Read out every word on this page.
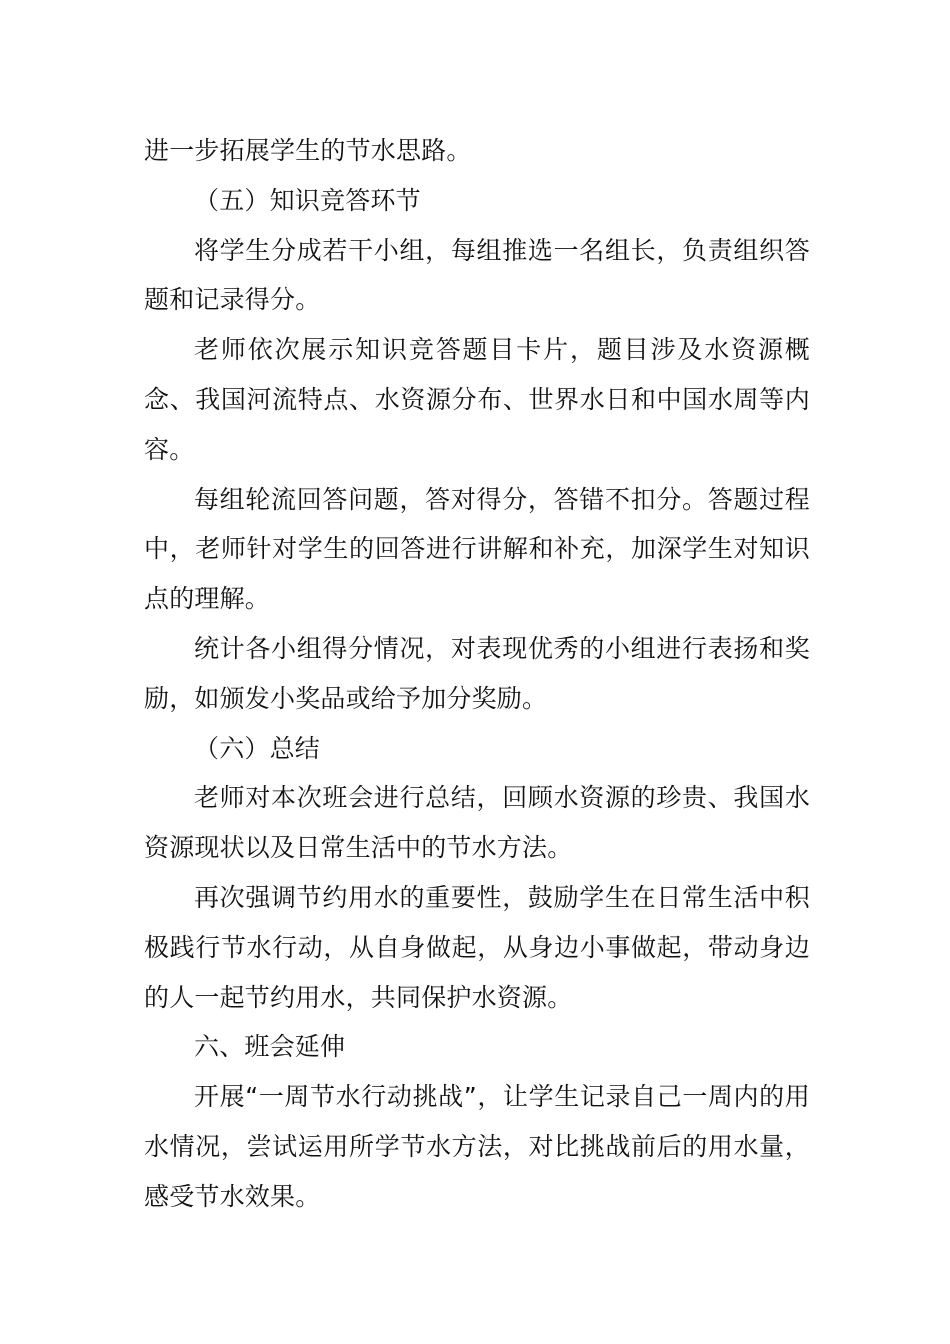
进一步拓展学生的节水思路。

（五）知识竞答环节

将学生分成若干小组，每组推选一名组长，负责组织答题和记录得分。

老师依次展示知识竞答题目卡片，题目涉及水资源概念、我国河流特点、水资源分布、世界水日和中国水周等内容。

每组轮流回答问题，答对得分，答错不扣分。答题过程中，老师针对学生的回答进行讲解和补充，加深学生对知识点的理解。

统计各小组得分情况，对表现优秀的小组进行表扬和奖励，如颁发小奖品或给予加分奖励。

（六）总结

老师对本次班会进行总结，回顾水资源的珍贵、我国水资源现状以及日常生活中的节水方法。

再次强调节约用水的重要性，鼓励学生在日常生活中积极践行节水行动，从自身做起，从身边小事做起，带动身边的人一起节约用水，共同保护水资源。

六、班会延伸

开展“一周节水行动挑战”，让学生记录自己一周内的用水情况，尝试运用所学节水方法，对比挑战前后的用水量，感受节水效果。
